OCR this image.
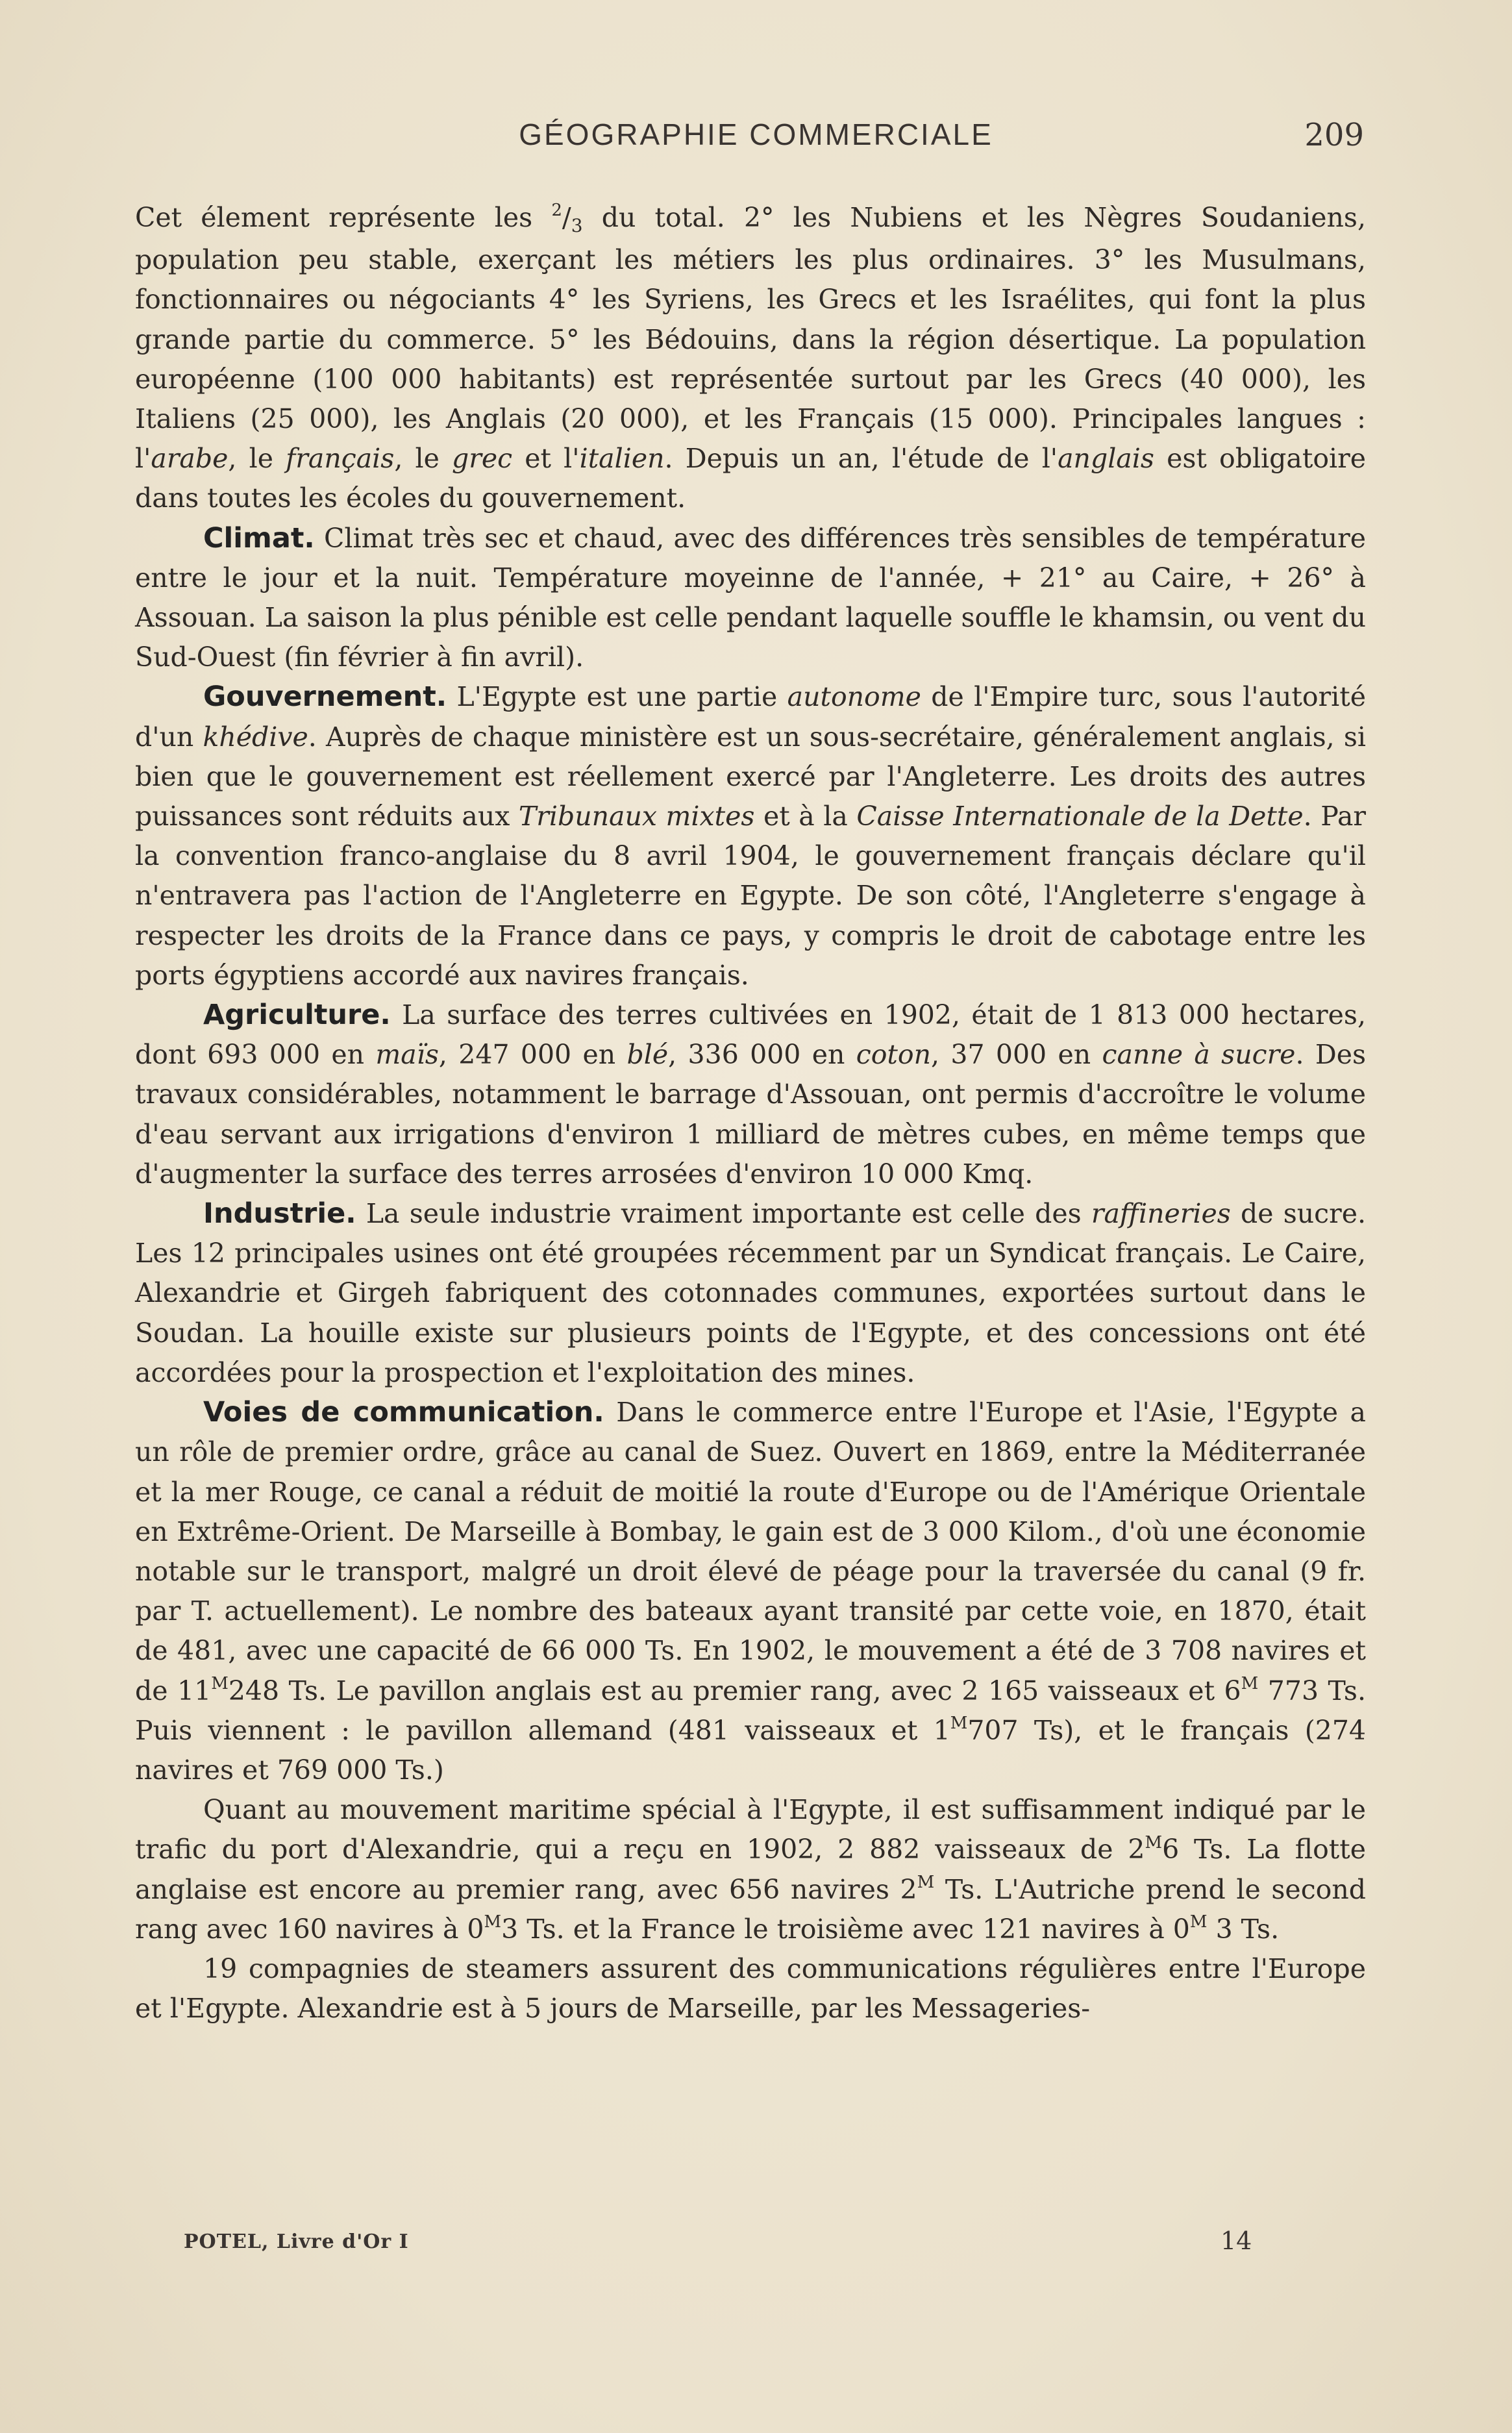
GÉOGRAPHIE COMMERCIALE	209

Cet élement représente les $^2$/3 du total. 2° les Nubiens et les Nègres Soudaniens, population peu stable, exerçant les métiers les plus ordinaires. 3° les Musulmans, fonctionnaires ou négociants 4° les Syriens, les Grecs et les Israélites, qui font la plus grande partie du commerce. 5° les Bédouins, dans la région désertique. La population européenne (100 000 habitants) est représentée surtout par les Grecs (40 000), les Italiens (25 000), les Anglais (20 000), et les Français (15 000). Principales langues : l'arabe, le français, le grec et l'italien. Depuis un an, l'étude de l'anglais est obligatoire dans toutes les écoles du gouvernement.

Climat. Climat très sec et chaud, avec des différences très sensibles de température entre le jour et la nuit. Température moyeinne de l'année, + 21° au Caire, + 26° à Assouan. La saison la plus pénible est celle pendant laquelle souffle le khamsin, ou vent du Sud-Ouest (fin février à fin avril).

Gouvernement. L'Egypte est une partie autonome de l'Empire turc, sous l'autorité d'un khédive. Auprès de chaque ministère est un sous-secrétaire, généralement anglais, si bien que le gouvernement est réellement exercé par l'Angleterre. Les droits des autres puissances sont réduits aux Tribunaux mixtes et à la Caisse Internationale de la Dette. Par la convention franco-anglaise du 8 avril 1904, le gouvernement français déclare qu'il n'entravera pas l'action de l'Angleterre en Egypte. De son côté, l'Angleterre s'engage à respecter les droits de la France dans ce pays, y compris le droit de cabotage entre les ports égyptiens accordé aux navires français.

Agriculture. La surface des terres cultivées en 1902, était de 1 813 000 hectares, dont 693 000 en maïs, 247 000 en blé, 336 000 en coton, 37 000 en canne à sucre. Des travaux considérables, notamment le barrage d'Assouan, ont permis d'accroître le volume d'eau servant aux irrigations d'environ 1 milliard de mètres cubes, en même temps que d'augmenter la surface des terres arrosées d'environ 10 000 Kmq.

Industrie. La seule industrie vraiment importante est celle des raffineries de sucre. Les 12 principales usines ont été groupées récemment par un Syndicat français. Le Caire, Alexandrie et Girgeh fabriquent des cotonnades communes, exportées surtout dans le Soudan. La houille existe sur plusieurs points de l'Egypte, et des concessions ont été accordées pour la prospection et l'exploitation des mines.

Voies de communication. Dans le commerce entre l'Europe et l'Asie, l'Egypte a un rôle de premier ordre, grâce au canal de Suez. Ouvert en 1869, entre la Méditerranée et la mer Rouge, ce canal a réduit de moitié la route d'Europe ou de l'Amérique Orientale en Extrême-Orient. De Marseille à Bombay, le gain est de 3 000 Kilom., d'où une économie notable sur le transport, malgré un droit élevé de péage pour la traversée du canal (9 fr. par T. actuellement). Le nombre des bateaux ayant transité par cette voie, en 1870, était de 481, avec une capacité de 66 000 Ts. En 1902, le mouvement a été de 3 708 navires et de $11^M248$ Ts. Le pavillon anglais est au premier rang, avec 2 165 vaisseaux et $6^M$ 773 Ts. Puis viennent : le pavillon allemand (481 vaisseaux et $1^M707$ Ts), et le français (274 navires et 769 000 Ts.)

Quant au mouvement maritime spécial à l'Egypte, il est suffisamment indiqué par le trafic du port d'Alexandrie, qui a reçu en 1902, 2 882 vaisseaux de $2^M6$ Ts. La flotte anglaise est encore au premier rang, avec 656 navires $2^M$ Ts. L'Autriche prend le second rang avec 160 navires à $0^M3$ Ts. et la France le troisième avec 121 navires à $0^M$ 3 Ts.

19 compagnies de steamers assurent des communications régulières entre l'Europe et l'Egypte. Alexandrie est à 5 jours de Marseille, par les Messageries-

POTEL, Livre d'Or I	14
